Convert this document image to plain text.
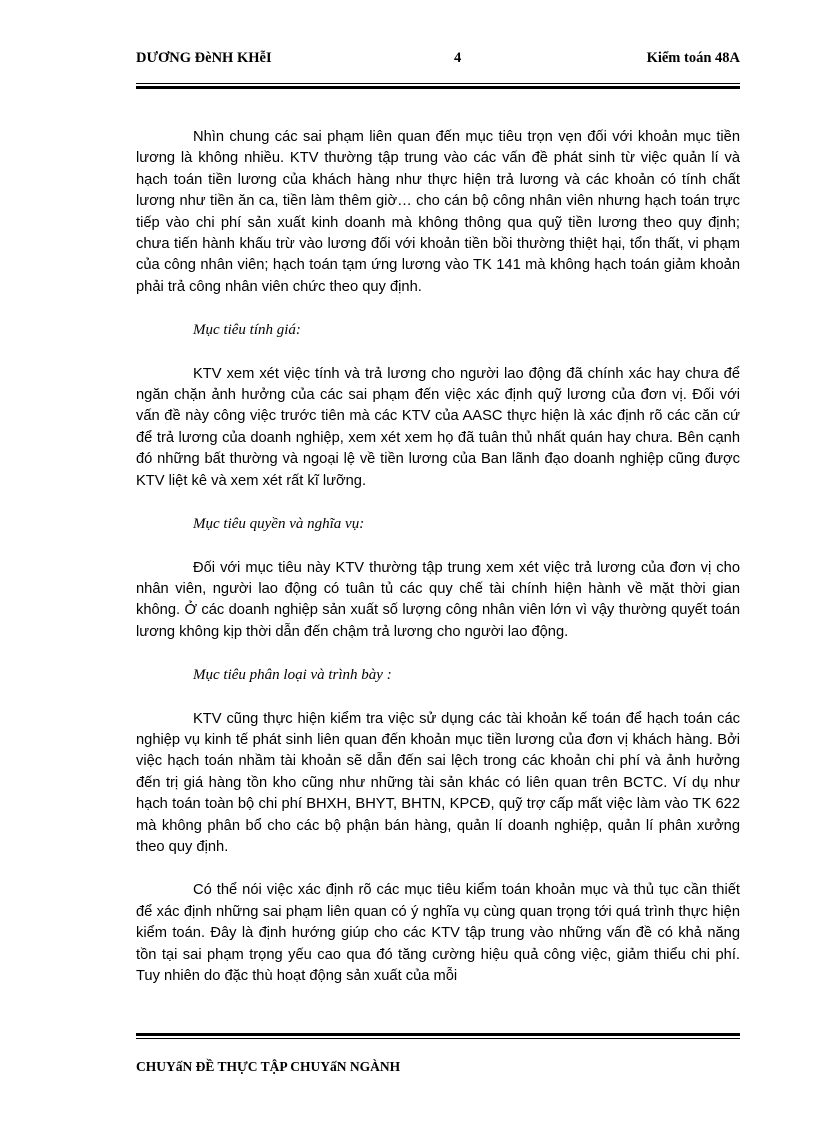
DƯƠNG ĐèNH KHễI	4	Kiểm toán 48A

Nhìn chung các sai phạm liên quan đến mục tiêu trọn vẹn đối với khoản mục tiền lương là không nhiều. KTV thường tập trung vào các vấn đề phát sinh từ việc quản lí và hạch toán tiền lương của khách hàng như thực hiện trả lương và các khoản có tính chất lương như tiền ăn ca, tiền làm thêm giờ… cho cán bộ công nhân viên nhưng hạch toán trực tiếp vào chi phí sản xuất kinh doanh mà không thông qua quỹ tiền lương theo quy định; chưa tiến hành khấu trừ vào lương đối với khoản tiền bồi thường thiệt hại, tổn thất, vi phạm của công nhân viên; hạch toán tạm ứng lương vào TK 141 mà không hạch toán giảm khoản phải trả công nhân viên chức theo quy định.

Mục tiêu tính giá:

KTV xem xét việc tính và trả lương cho người lao động đã chính xác hay chưa để ngăn chặn ảnh hưởng của các sai phạm đến việc xác định quỹ lương của đơn vị. Đối với vấn đề này công việc trước tiên mà các KTV của AASC thực hiện là xác định rõ các căn cứ để trả lương của doanh nghiệp, xem xét xem họ đã tuân thủ nhất quán hay chưa. Bên cạnh đó những bất thường và ngoại lệ về tiền lương của Ban lãnh đạo doanh nghiệp cũng được KTV liệt kê và xem xét rất kĩ lưỡng.

Mục tiêu quyền và nghĩa vụ:

Đối với mục tiêu này KTV thường tập trung xem xét việc trả lương của đơn vị cho nhân viên, người lao động có tuân tủ các quy chế tài chính hiện hành về mặt thời gian không. Ở các doanh nghiệp sản xuất số lượng công nhân viên lớn vì vậy thường quyết toán lương không kịp thời dẫn đến chậm trả lương cho người lao động.

Mục tiêu phân loại và trình bày :

KTV cũng thực hiện kiểm tra việc sử dụng các tài khoản kế toán để hạch toán các nghiệp vụ kinh tế phát sinh liên quan đến khoản mục tiền lương của đơn vị khách hàng. Bởi việc hạch toán nhầm tài khoản sẽ dẫn đến sai lệch trong các khoản chi phí và ảnh hưởng đến trị giá hàng tồn kho cũng như những tài sản khác có liên quan trên BCTC. Ví dụ như hạch toán toàn bộ chi phí BHXH, BHYT, BHTN, KPCĐ, quỹ trợ cấp mất việc làm vào TK 622 mà không phân bổ cho các bộ phận bán hàng, quản lí doanh nghiệp, quản lí phân xưởng theo quy định.

Có thể nói việc xác định rõ các mục tiêu kiểm toán khoản mục và thủ tục cần thiết để xác định những sai phạm liên quan có ý nghĩa vụ cùng quan trọng tới quá trình thực hiện kiểm toán. Đây là định hướng giúp cho các KTV tập trung vào những vấn đề có khả năng tồn tại sai phạm trọng yếu cao qua đó tăng cường hiệu quả công việc, giảm thiểu chi phí. Tuy nhiên do đặc thù hoạt động sản xuất của mỗi

CHUYấN ĐỀ THỰC TẬP CHUYấN NGÀNH
